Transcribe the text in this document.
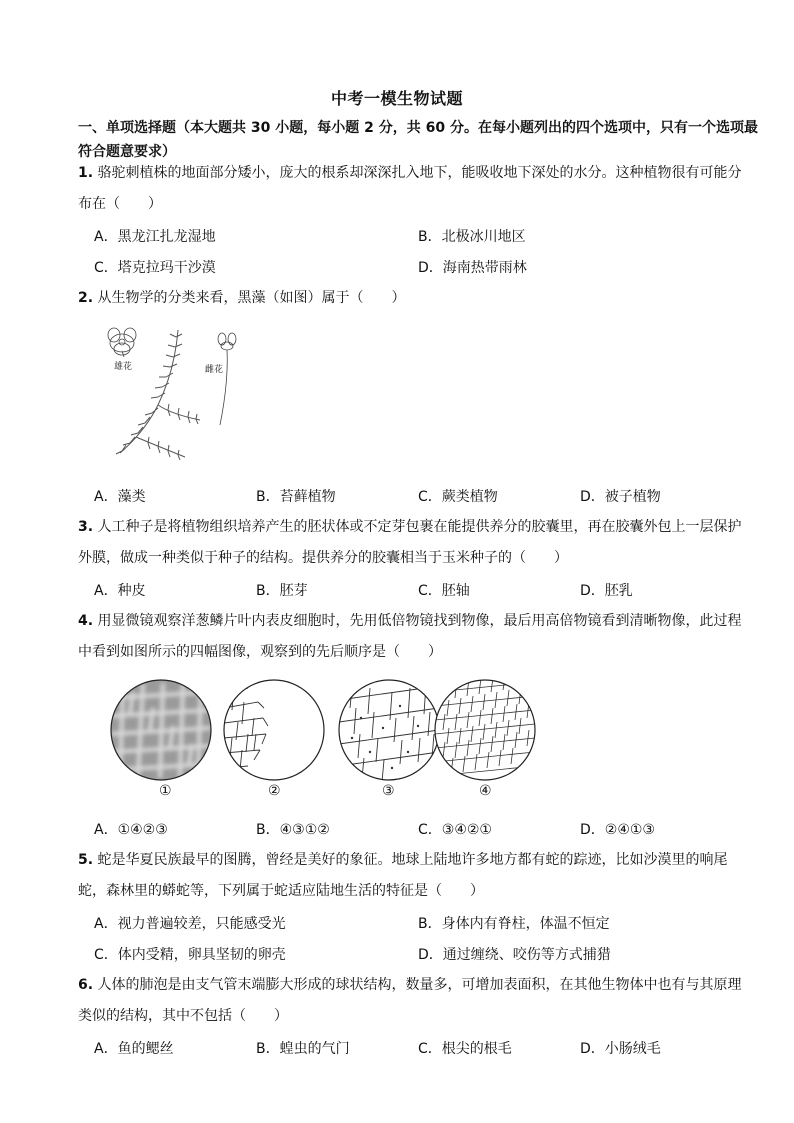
中考一模生物试题
一、单项选择题（本大题共 30 小题，每小题 2 分，共 60 分。在每小题列出的四个选项中，只有一个选项最符合题意要求）
1. 骆驼刺植株的地面部分矮小，庞大的根系却深深扎入地下，能吸收地下深处的水分。这种植物很有可能分布在（　　）
A．黑龙江扎龙湿地	B．北极冰川地区
C．塔克拉玛干沙漠	D．海南热带雨林
2. 从生物学的分类来看，黑藻（如图）属于（　　）
雄花	雌花
A．藻类	B．苔藓植物	C．蕨类植物	D．被子植物
3. 人工种子是将植物组织培养产生的胚状体或不定芽包裹在能提供养分的胶囊里，再在胶囊外包上一层保护外膜，做成一种类似于种子的结构。提供养分的胶囊相当于玉米种子的（　　）
A．种皮	B．胚芽	C．胚轴	D．胚乳
4. 用显微镜观察洋葱鳞片叶内表皮细胞时，先用低倍物镜找到物像，最后用高倍物镜看到清晰物像，此过程中看到如图所示的四幅图像，观察到的先后顺序是（　　）
①	②	③	④
A．①④②③	B．④③①②	C．③④②①	D．②④①③
5. 蛇是华夏民族最早的图腾，曾经是美好的象征。地球上陆地许多地方都有蛇的踪迹，比如沙漠里的响尾蛇，森林里的蟒蛇等，下列属于蛇适应陆地生活的特征是（　　）
A．视力普遍较差，只能感受光	B．身体内有脊柱，体温不恒定
C．体内受精，卵具坚韧的卵壳	D．通过缠绕、咬伤等方式捕猎
6. 人体的肺泡是由支气管末端膨大形成的球状结构，数量多，可增加表面积，在其他生物体中也有与其原理类似的结构，其中不包括（　　）
A．鱼的鳃丝	B．蝗虫的气门	C．根尖的根毛	D．小肠绒毛
